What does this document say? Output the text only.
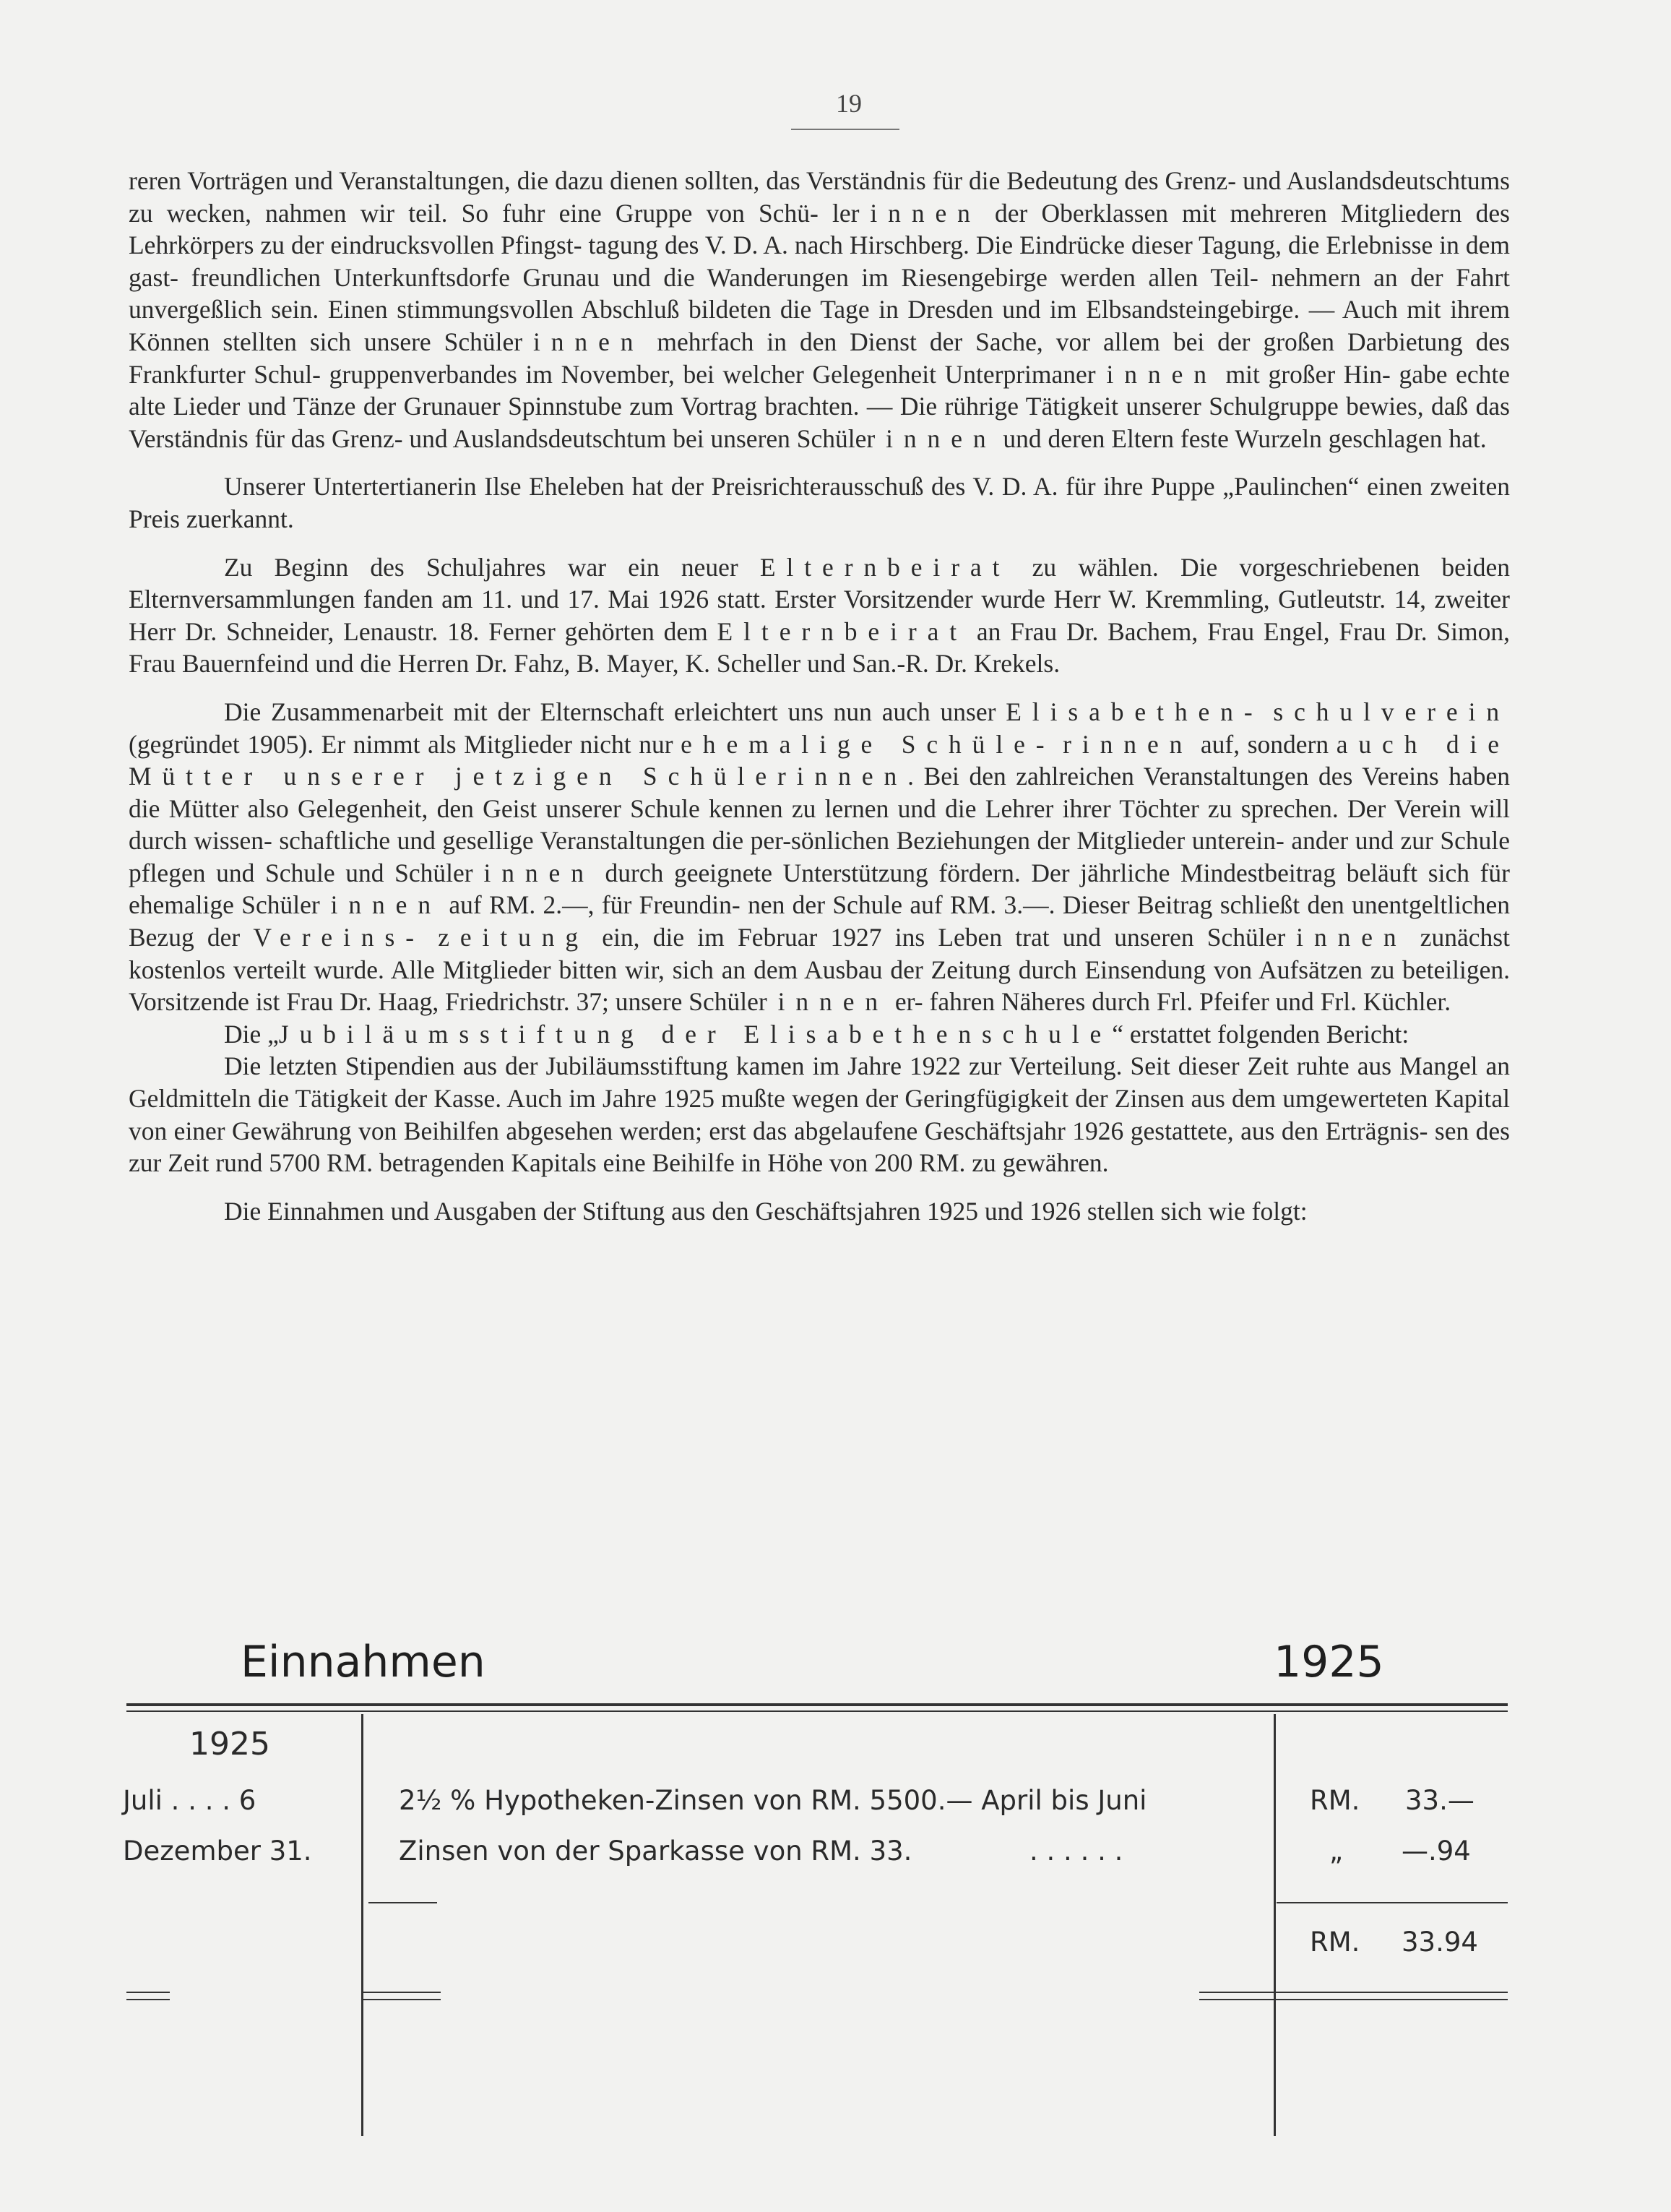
19

reren Vorträgen und Veranstaltungen, die dazu dienen sollten, das Verständnis für die Bedeutung des Grenz- und Auslandsdeutschtums zu wecken, nahmen wir teil. So fuhr eine Gruppe von Schü- lerinnen der Oberklassen mit mehreren Mitgliedern des Lehrkörpers zu der eindrucksvollen Pfingst- tagung des V. D. A. nach Hirschberg. Die Eindrücke dieser Tagung, die Erlebnisse in dem gast- freundlichen Unterkunftsdorfe Grunau und die Wanderungen im Riesengebirge werden allen Teil- nehmern an der Fahrt unvergeßlich sein. Einen stimmungsvollen Abschluß bildeten die Tage in Dresden und im Elbsandsteingebirge. — Auch mit ihrem Können stellten sich unsere Schülerinnen mehrfach in den Dienst der Sache, vor allem bei der großen Darbietung des Frankfurter Schul- gruppenverbandes im November, bei welcher Gelegenheit Unterprimanerinnen mit großer Hin- gabe echte alte Lieder und Tänze der Grunauer Spinnstube zum Vortrag brachten. — Die rührige Tätigkeit unserer Schulgruppe bewies, daß das Verständnis für das Grenz- und Auslandsdeutschtum bei unseren Schülerinnen und deren Eltern feste Wurzeln geschlagen hat.

Unserer Untertertianerin Ilse Eheleben hat der Preisrichterausschuß des V. D. A. für ihre Puppe „Paulinchen“ einen zweiten Preis zuerkannt.

Zu Beginn des Schuljahres war ein neuer Elternbeirat zu wählen. Die vorgeschriebenen beiden Elternversammlungen fanden am 11. und 17. Mai 1926 statt. Erster Vorsitzender wurde Herr W. Kremmling, Gutleutstr. 14, zweiter Herr Dr. Schneider, Lenaustr. 18. Ferner gehörten dem Elternbeirat an Frau Dr. Bachem, Frau Engel, Frau Dr. Simon, Frau Bauernfeind und die Herren Dr. Fahz, B. Mayer, K. Scheller und San.-R. Dr. Krekels.

Die Zusammenarbeit mit der Elternschaft erleichtert uns nun auch unser Elisabethen- schulverein (gegründet 1905). Er nimmt als Mitglieder nicht nur ehemalige Schüle- rinnen auf, sondern auch die Mütter unserer jetzigen Schülerinnen. Bei den zahlreichen Veranstaltungen des Vereins haben die Mütter also Gelegenheit, den Geist unserer Schule kennen zu lernen und die Lehrer ihrer Töchter zu sprechen. Der Verein will durch wissen- schaftliche und gesellige Veranstaltungen die per-sönlichen Beziehungen der Mitglieder unterein- ander und zur Schule pflegen und Schule und Schülerinnen durch geeignete Unterstützung fördern. Der jährliche Mindestbeitrag beläuft sich für ehemalige Schülerinnen auf RM. 2.—, für Freundin- nen der Schule auf RM. 3.—. Dieser Beitrag schließt den unentgeltlichen Bezug der Vereins- zeitung ein, die im Februar 1927 ins Leben trat und unseren Schülerinnen zunächst kostenlos verteilt wurde. Alle Mitglieder bitten wir, sich an dem Ausbau der Zeitung durch Einsendung von Aufsätzen zu beteiligen. Vorsitzende ist Frau Dr. Haag, Friedrichstr. 37; unsere Schülerinnen er- fahren Näheres durch Frl. Pfeifer und Frl. Küchler.

Die „Jubiläumsstiftung der Elisabethenschule“ erstattet folgenden Bericht:

Die letzten Stipendien aus der Jubiläumsstiftung kamen im Jahre 1922 zur Verteilung. Seit dieser Zeit ruhte aus Mangel an Geldmitteln die Tätigkeit der Kasse. Auch im Jahre 1925 mußte wegen der Geringfügigkeit der Zinsen aus dem umgewerteten Kapital von einer Gewährung von Beihilfen abgesehen werden; erst das abgelaufene Geschäftsjahr 1926 gestattete, aus den Erträgnis- sen des zur Zeit rund 5700 RM. betragenden Kapitals eine Beihilfe in Höhe von 200 RM. zu gewähren.

Die Einnahmen und Ausgaben der Stiftung aus den Geschäftsjahren 1925 und 1926 stellen sich wie folgt:

Einnahmen	1925
1925
Juli . . . . 6	2½ % Hypotheken-Zinsen von RM. 5500.— April bis Juni	RM. 33.—
Dezember 31.	Zinsen von der Sparkasse von RM. 33.	. . . . . .	„ —.94
RM. 33.94
